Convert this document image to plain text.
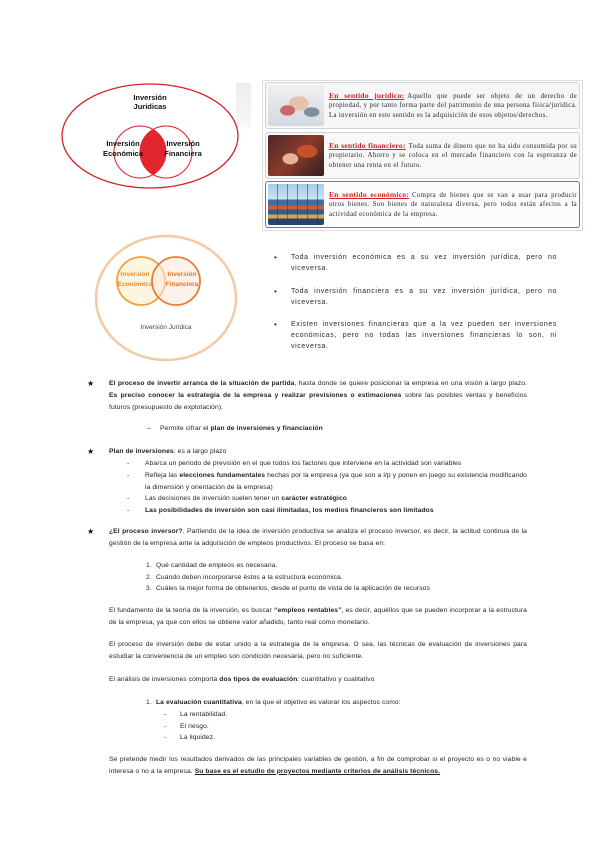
Inversión
Jurídicas
Inversión
Económica
Inversión
Financiera

En sentido jurídico: Aquello que puede ser objeto de un derecho de propiedad, y por tanto forma parte del patrimonio de una persona física/jurídica. La inversión en este sentido es la adquisición de esos objetos/derechos.

En sentido financiero: Toda suma de dinero que no ha sido consumida por su propietario. Ahorro y se coloca en el mercado financiero con la esperanza de obtener una renta en el futuro.

En sentido económico: Compra de bienes que se van a usar para producir otros bienes. Son bienes de naturaleza diversa, pero todos están afectos a la actividad económica de la empresa.

Inversión
Económica
Inversión
Financiera
Inversión Jurídica
• Toda inversión económica es a su vez inversión jurídica, pero no viceversa.
• Toda inversión financiera es a su vez inversión jurídica, pero no viceversa.
• Existen inversiones financieras que a la vez pueden ser inversiones económicas, pero no todas las inversiones financieras lo son, ni viceversa.
★ El proceso de invertir arranca de la situación de partida, hasta donde se quiere posicionar la empresa en una visión a largo plazo. Es preciso conocer la estrategia de la empresa y realizar previsiones o estimaciones sobre las posibles ventas y beneficios futuros (presupuesto de explotación).
– Permite cifrar el plan de inversiones y financiación
★ Plan de inversiones: es a largo plazo
- Abarca un periodo de previsión en el que todos los factores que interviene en la actividad son variables
- Refleja las elecciones fundamentales hechas por la empresa (ya que son a l/p y ponen en juego su existencia modificando la dimensión y orientación de la empresa)
- Las decisiones de inversión suelen tener un carácter estratégico
- Las posibilidades de inversión son casi ilimitadas, los medios financieros son limitados
★ ¿El proceso inversor?. Partiendo de la idea de inversión productiva se analiza el proceso inversor, es decir, la actitud continua de la gestión de la empresa ante la adquisición de empleos productivos. El proceso se basa en:
1. Qué cantidad de empleos es necesaria.
2. Cuándo deben incorporarse éstos a la estructura económica.
3. Cuáles la mejor forma de obtenerlos, desde el punto de vista de la aplicación de recursos
El fundamento de la teoría de la inversión, es buscar “empleos rentables”, es decir, aquéllos que se pueden incorporar a la estructura de la empresa, ya que con ellos se obtiene valor añadido, tanto real como monetario.
El proceso de inversión debe de estar unido a la estrategia de la empresa. O sea, las técnicas de evaluación de inversiones para estudiar la conveniencia de un empleo son condición necesaria, pero no suficiente.
El análisis de inversiones comporta dos tipos de evaluación: cuantitativo y cualitativo
1. La evaluación cuantitativa, en la que el objetivo es valorar los aspectos como:
- La rentabilidad.
- El riesgo.
- La liquidez.
Se pretende medir los resultados derivados de las principales variables de gestión, a fin de comprobar si el proyecto es o no viable e interesa o no a la empresa. Su base es el estudio de proyectos mediante criterios de análisis técnicos.
